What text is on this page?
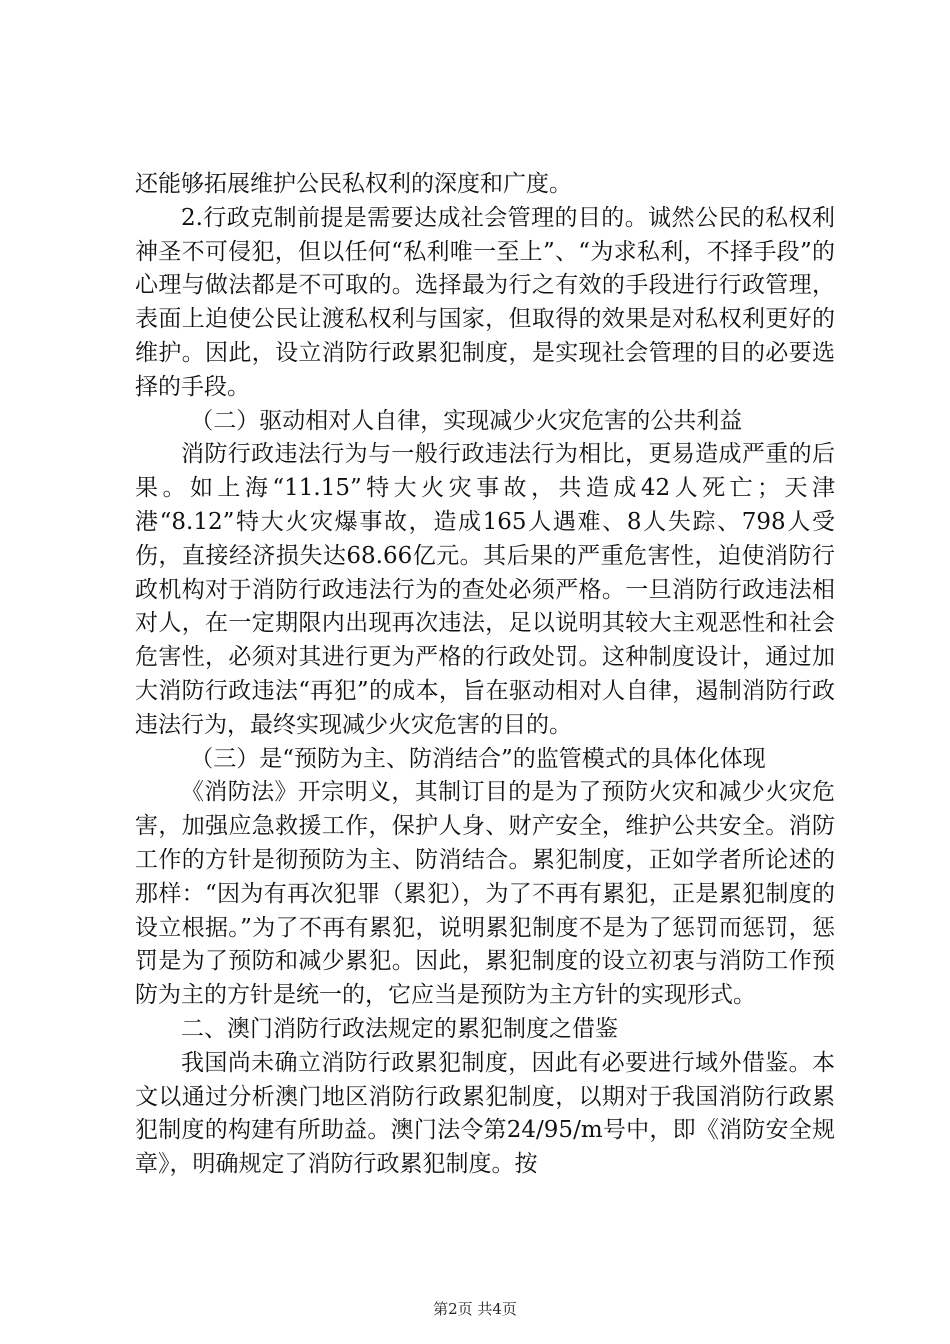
还能够拓展维护公民私权利的深度和广度。

2.行政克制前提是需要达成社会管理的目的。诚然公民的私权利神圣不可侵犯，但以任何“私利唯一至上”、“为求私利，不择手段”的心理与做法都是不可取的。选择最为行之有效的手段进行行政管理，表面上迫使公民让渡私权利与国家，但取得的效果是对私权利更好的维护。因此，设立消防行政累犯制度，是实现社会管理的目的必要选择的手段。

（二）驱动相对人自律，实现减少火灾危害的公共利益

消防行政违法行为与一般行政违法行为相比，更易造成严重的后果。如上海“11.15”特大火灾事故，共造成42人死亡；天津港“8.12”特大火灾爆事故，造成165人遇难、8人失踪、798人受伤，直接经济损失达68.66亿元。其后果的严重危害性，迫使消防行政机构对于消防行政违法行为的查处必须严格。一旦消防行政违法相对人，在一定期限内出现再次违法，足以说明其较大主观恶性和社会危害性，必须对其进行更为严格的行政处罚。这种制度设计，通过加大消防行政违法“再犯”的成本，旨在驱动相对人自律，遏制消防行政违法行为，最终实现减少火灾危害的目的。

（三）是“预防为主、防消结合”的监管模式的具体化体现

《消防法》开宗明义，其制订目的是为了预防火灾和减少火灾危害，加强应急救援工作，保护人身、财产安全，维护公共安全。消防工作的方针是彻预防为主、防消结合。累犯制度，正如学者所论述的那样：“因为有再次犯罪（累犯），为了不再有累犯，正是累犯制度的设立根据。”为了不再有累犯，说明累犯制度不是为了惩罚而惩罚，惩罚是为了预防和减少累犯。因此，累犯制度的设立初衷与消防工作预防为主的方针是统一的，它应当是预防为主方针的实现形式。

二、澳门消防行政法规定的累犯制度之借鉴

我国尚未确立消防行政累犯制度，因此有必要进行域外借鉴。本文以通过分析澳门地区消防行政累犯制度，以期对于我国消防行政累犯制度的构建有所助益。澳门法令第24/95/m号中，即《消防安全规章》，明确规定了消防行政累犯制度。按

第2页 共4页
